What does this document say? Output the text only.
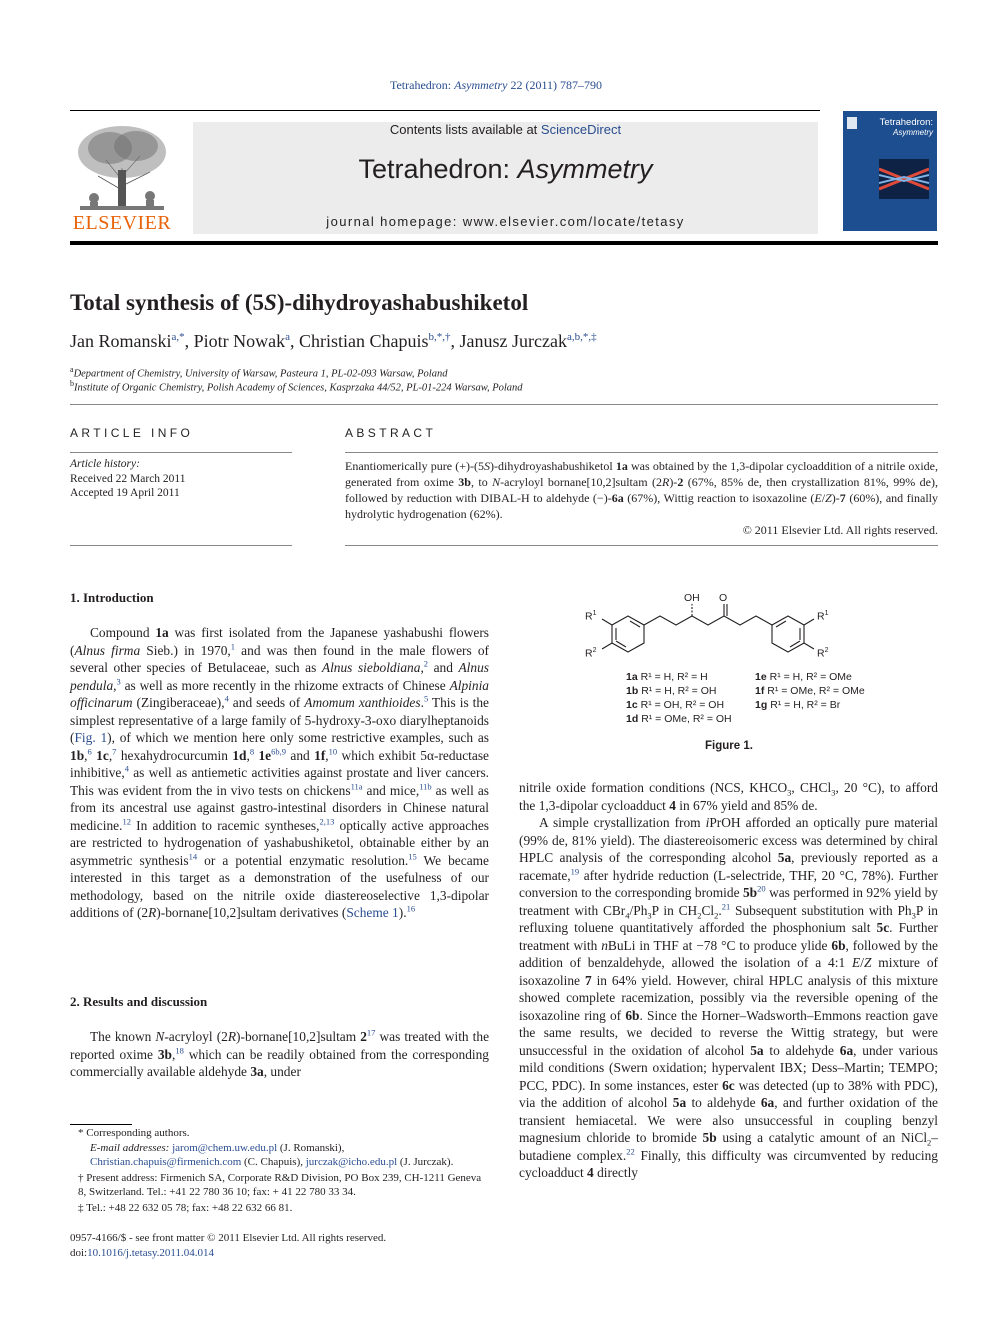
Tetrahedron: Asymmetry 22 (2011) 787–790
ELSEVIER
Contents lists available at ScienceDirect
Tetrahedron: Asymmetry
journal homepage: www.elsevier.com/locate/tetasy
Tetrahedron:
Asymmetry
Total synthesis of (5S)-dihydroyashabushiketol
Jan Romanski$^{a,*}$, Piotr Nowak$^a$, Christian Chapuis$^{b,*,\dagger}$, Janusz Jurczak$^{a,b,*,\ddagger}$
$^a$Department of Chemistry, University of Warsaw, Pasteura 1, PL-02-093 Warsaw, Poland
$^b$Institute of Organic Chemistry, Polish Academy of Sciences, Kasprzaka 44/52, PL-01-224 Warsaw, Poland
ARTICLE INFO
Article history:
Received 22 March 2011
Accepted 19 April 2011
ABSTRACT
Enantiomerically pure (+)-(5S)-dihydroyashabushiketol 1a was obtained by the 1,3-dipolar cycloaddition of a nitrile oxide, generated from oxime 3b, to N-acryloyl bornane[10,2]sultam (2R)-2 (67%, 85% de, then crystallization 81%, 99% de), followed by reduction with DIBAL-H to aldehyde (−)-6a (67%), Wittig reaction to isoxazoline (E/Z)-7 (60%), and finally hydrolytic hydrogenation (62%).
© 2011 Elsevier Ltd. All rights reserved.
1. Introduction
Compound 1a was first isolated from the Japanese yashabushi flowers (Alnus firma Sieb.) in 1970,$^1$ and was then found in the male flowers of several other species of Betulaceae, such as Alnus sieboldiana,$^2$ and Alnus pendula,$^3$ as well as more recently in the rhizome extracts of Chinese Alpinia officinarum (Zingiberaceae),$^4$ and seeds of Amomum xanthioides.$^5$ This is the simplest representative of a large family of 5-hydroxy-3-oxo diarylheptanoids (Fig. 1), of which we mention here only some restrictive examples, such as 1b,$^6$ 1c,$^7$ hexahydrocurcumin 1d,$^8$ $1e^{6b,9}$ and 1f,$^{10}$ which exhibit 5α-reductase inhibitive,$^4$ as well as antiemetic activities against prostate and liver cancers. This was evident from the in vivo tests on chickens$^{11a}$ and mice,$^{11b}$ as well as from its ancestral use against gastro-intestinal disorders in Chinese natural medicine.$^{12}$ In addition to racemic syntheses,$^{2,13}$ optically active approaches are restricted to hydrogenation of yashabushiketol, obtainable either by an asymmetric synthesis$^{14}$ or a potential enzymatic resolution.$^{15}$ We became interested in this target as a demonstration of the usefulness of our methodology, based on the nitrile oxide diastereoselective 1,3-dipolar additions of (2R)-bornane[10,2]sultam derivatives (Scheme 1).$^{16}$
2. Results and discussion
The known N-acryloyl (2R)-bornane[10,2]sultam $2^{17}$ was treated with the reported oxime 3b,$^{18}$ which can be readily obtained from the corresponding commercially available aldehyde 3a, under
* Corresponding authors.
E-mail addresses: jarom@chem.uw.edu.pl (J. Romanski), Christian.chapuis@firmenich.com (C. Chapuis), jurczak@icho.edu.pl (J. Jurczak).
† Present address: Firmenich SA, Corporate R&D Division, PO Box 239, CH-1211 Geneva 8, Switzerland. Tel.: +41 22 780 36 10; fax: + 41 22 780 33 34.
‡ Tel.: +48 22 632 05 78; fax: +48 22 632 66 81.
0957-4166/$ - see front matter © 2011 Elsevier Ltd. All rights reserved.
doi:10.1016/j.tetasy.2011.04.014
OH O
$R^1$
$R^2$
$R^1$
$R^2$
1a R¹ = H, R² = H
1b R¹ = H, R² = OH
1c R¹ = OH, R² = OH
1d R¹ = OMe, R² = OH
1e R¹ = H, R² = OMe
1f R¹ = OMe, R² = OMe
1g R¹ = H, R² = Br
Figure 1.
nitrile oxide formation conditions (NCS, $KHCO_3$, CHCl$_3$, 20 °C), to afford the 1,3-dipolar cycloadduct 4 in 67% yield and 85% de.
A simple crystallization from iPrOH afforded an optically pure material (99% de, 81% yield). The diastereoisomeric excess was determined by chiral HPLC analysis of the corresponding alcohol 5a, previously reported as a racemate,$^{19}$ after hydride reduction (L-selectride, THF, 20 °C, 78%). Further conversion to the corresponding bromide $5b^{20}$ was performed in 92% yield by treatment with $CBr_4/Ph_3P$ in $CH_2Cl_2.^{21}$ Subsequent substitution with $Ph_3P$ in refluxing toluene quantitatively afforded the phosphonium salt 5c. Further treatment with nBuLi in THF at −78 °C to produce ylide 6b, followed by the addition of benzaldehyde, allowed the isolation of a 4:1 E/Z mixture of isoxazoline 7 in 64% yield. However, chiral HPLC analysis of this mixture showed complete racemization, possibly via the reversible opening of the isoxazoline ring of 6b. Since the Horner–Wadsworth–Emmons reaction gave the same results, we decided to reverse the Wittig strategy, but were unsuccessful in the oxidation of alcohol 5a to aldehyde 6a, under various mild conditions (Swern oxidation; hypervalent IBX; Dess–Martin; TEMPO; PCC, PDC). In some instances, ester 6c was detected (up to 38% with PDC), via the addition of alcohol 5a to aldehyde 6a, and further oxidation of the transient hemiacetal. We were also unsuccessful in coupling benzyl magnesium chloride to bromide 5b using a catalytic amount of an NiCl$_2$–butadiene complex.$^{22}$ Finally, this difficulty was circumvented by reducing cycloadduct 4 directly
